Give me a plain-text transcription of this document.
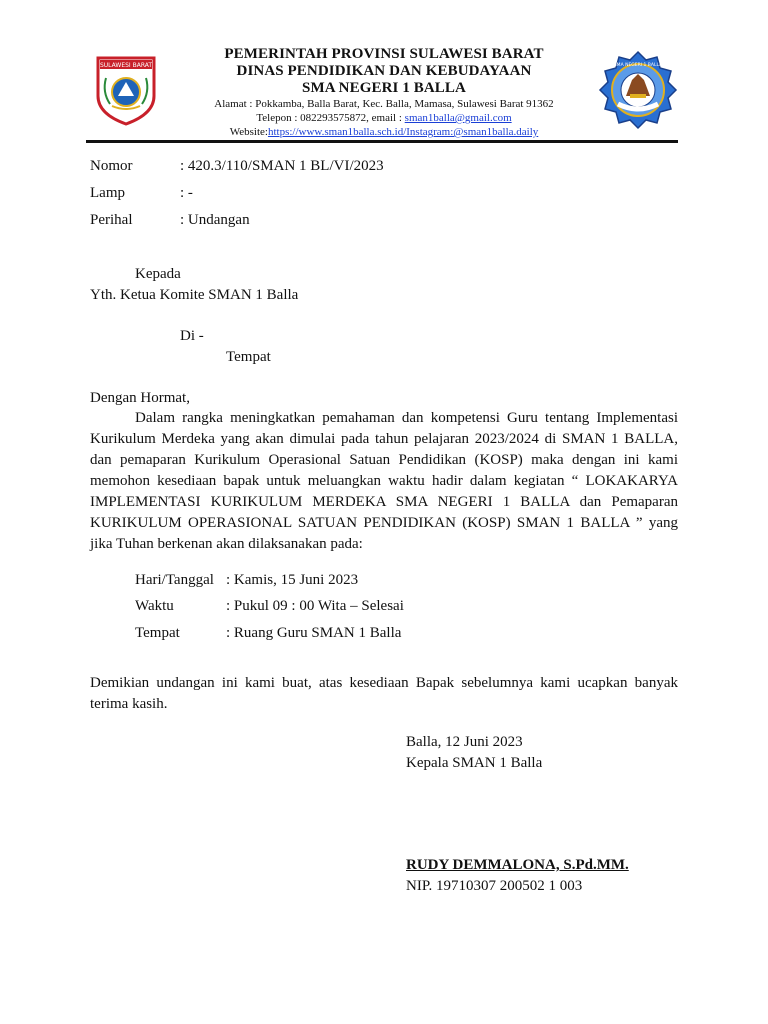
SULAWESI BARAT
PEMERINTAH PROVINSI SULAWESI BARAT
DINAS PENDIDIKAN DAN KEBUDAYAAN
SMA NEGERI 1 BALLA
Alamat : Pokkamba, Balla Barat, Kec. Balla, Mamasa, Sulawesi Barat 91362
Telepon : 082293575872, email : sman1balla@gmail.com
Website:https://www.sman1balla.sch.id/Instagram:@sman1balla.daily
SMA NEGERI 1 BALLA
Nomor	: 420.3/110/SMAN 1 BL/VI/2023
Lamp	: -
Perihal	: Undangan
Kepada
Yth. Ketua Komite SMAN 1 Balla
Di -
Tempat
Dengan Hormat,
Dalam rangka meningkatkan pemahaman dan kompetensi Guru tentang Implementasi Kurikulum Merdeka yang akan dimulai pada tahun pelajaran 2023/2024 di SMAN 1 BALLA, dan pemaparan Kurikulum Operasional Satuan Pendidikan (KOSP) maka dengan ini kami memohon kesediaan bapak untuk meluangkan waktu hadir dalam kegiatan “ LOKAKARYA IMPLEMENTASI KURIKULUM MERDEKA SMA NEGERI 1 BALLA dan Pemaparan KURIKULUM OPERASIONAL SATUAN PENDIDIKAN (KOSP) SMAN 1 BALLA ” yang jika Tuhan berkenan akan dilaksanakan pada:
Hari/Tanggal : Kamis, 15 Juni 2023
Waktu	: Pukul 09 : 00 Wita – Selesai
Tempat	: Ruang Guru SMAN 1 Balla
Demikian undangan ini kami buat, atas kesediaan Bapak sebelumnya kami ucapkan banyak terima kasih.
Balla, 12 Juni 2023
Kepala SMAN 1 Balla
RUDY DEMMALONA, S.Pd.MM.
NIP. 19710307 200502 1 003
